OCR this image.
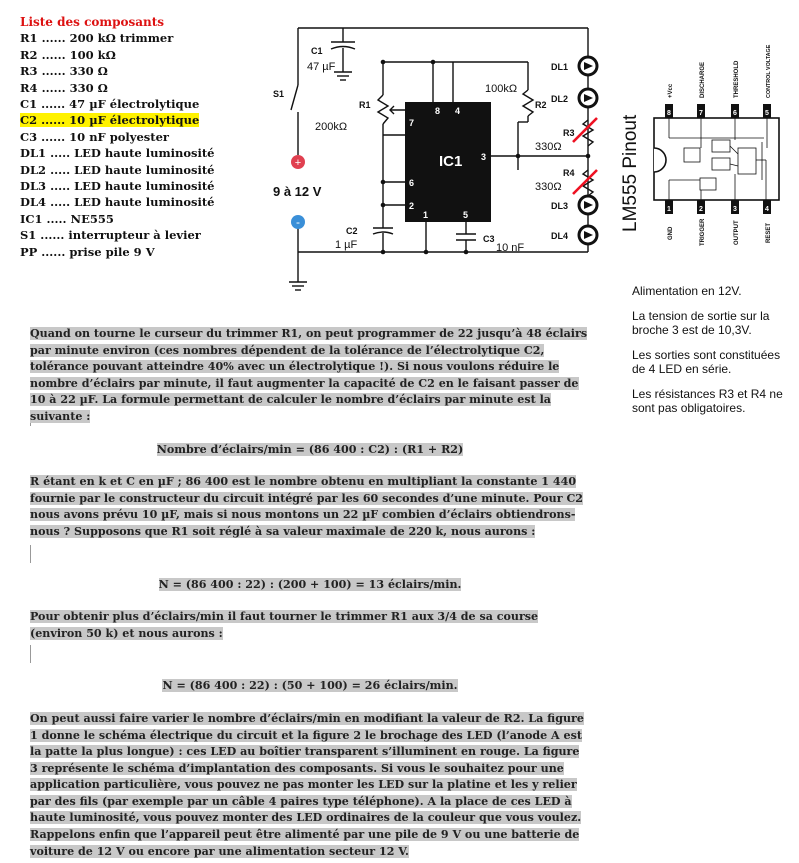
Liste des composants
R1 ...... 200 kΩ trimmer
R2 ...... 100 kΩ
R3 ...... 330 Ω
R4 ...... 330 Ω
C1 ...... 47 µF électrolytique
C2 ...... 10 µF électrolytique
C3 ...... 10 nF polyester
DL1 ..... LED haute luminosité
DL2 ..... LED haute luminosité
DL3 ..... LED haute luminosité
DL4 ..... LED haute luminosité
IC1 ..... NE555
S1 ...... interrupteur à levier
PP ...... prise pile 9 V
+
-
C1
47 µF
S1
R1
200kΩ
R2
100kΩ
R3
330Ω
R4
330Ω
IC1
8 4
7
6
2
1	5
3
C2
1 µF	C3
10 nF
9 à 12 V
DL1
DL2
DL3
DL4
LM555 Pinout
8	7	6	5
1	2	3	4
+Vcc	DISCHARGE	THRESHOLD	CONTROL VOLTAGE
GND	TRIGGER	OUTPUT	RESET

Alimentation en 12V.

La tension de sortie sur la broche 3 est de 10,3V.

Les sorties sont constituées de 4 LED en série.

Les résistances R3 et R4 ne sont pas obligatoires.

Quand on tourne le curseur du trimmer R1, on peut programmer de 22 jusqu’à 48 éclairs par minute environ (ces nombres dépendent de la tolérance de l’électrolytique C2, tolérance pouvant atteindre 40% avec un électrolytique !). Si nous voulons réduire le nombre d’éclairs par minute, il faut augmenter la capacité de C2 en le faisant passer de 10 à 22 µF. La formule permettant de calculer le nombre d’éclairs par minute est la suivante :

Nombre d’éclairs/min = (86 400 : C2) : (R1 + R2)

R étant en k et C en µF ; 86 400 est le nombre obtenu en multipliant la constante 1 440 fournie par le constructeur du circuit intégré par les 60 secondes d’une minute. Pour C2 nous avons prévu 10 µF, mais si nous montons un 22 µF combien d’éclairs obtiendrons-nous ? Supposons que R1 soit réglé à sa valeur maximale de 220 k, nous aurons :

N = (86 400 : 22) : (200 + 100) = 13 éclairs/min.

Pour obtenir plus d’éclairs/min il faut tourner le trimmer R1 aux 3/4 de sa course (environ 50 k) et nous aurons :

N = (86 400 : 22) : (50 + 100) = 26 éclairs/min.

On peut aussi faire varier le nombre d’éclairs/min en modifiant la valeur de R2. La figure 1 donne le schéma électrique du circuit et la figure 2 le brochage des LED (l’anode A est la patte la plus longue) : ces LED au boîtier transparent s’illuminent en rouge. La figure 3 représente le schéma d’implantation des composants. Si vous le souhaitez pour une application particulière, vous pouvez ne pas monter les LED sur la platine et les y relier par des fils (par exemple par un câble 4 paires type téléphone). A la place de ces LED à haute luminosité, vous pouvez monter des LED ordinaires de la couleur que vous voulez. Rappelons enfin que l’appareil peut être alimenté par une pile de 9 V ou une batterie de voiture de 12 V ou encore par une alimentation secteur 12 V.
